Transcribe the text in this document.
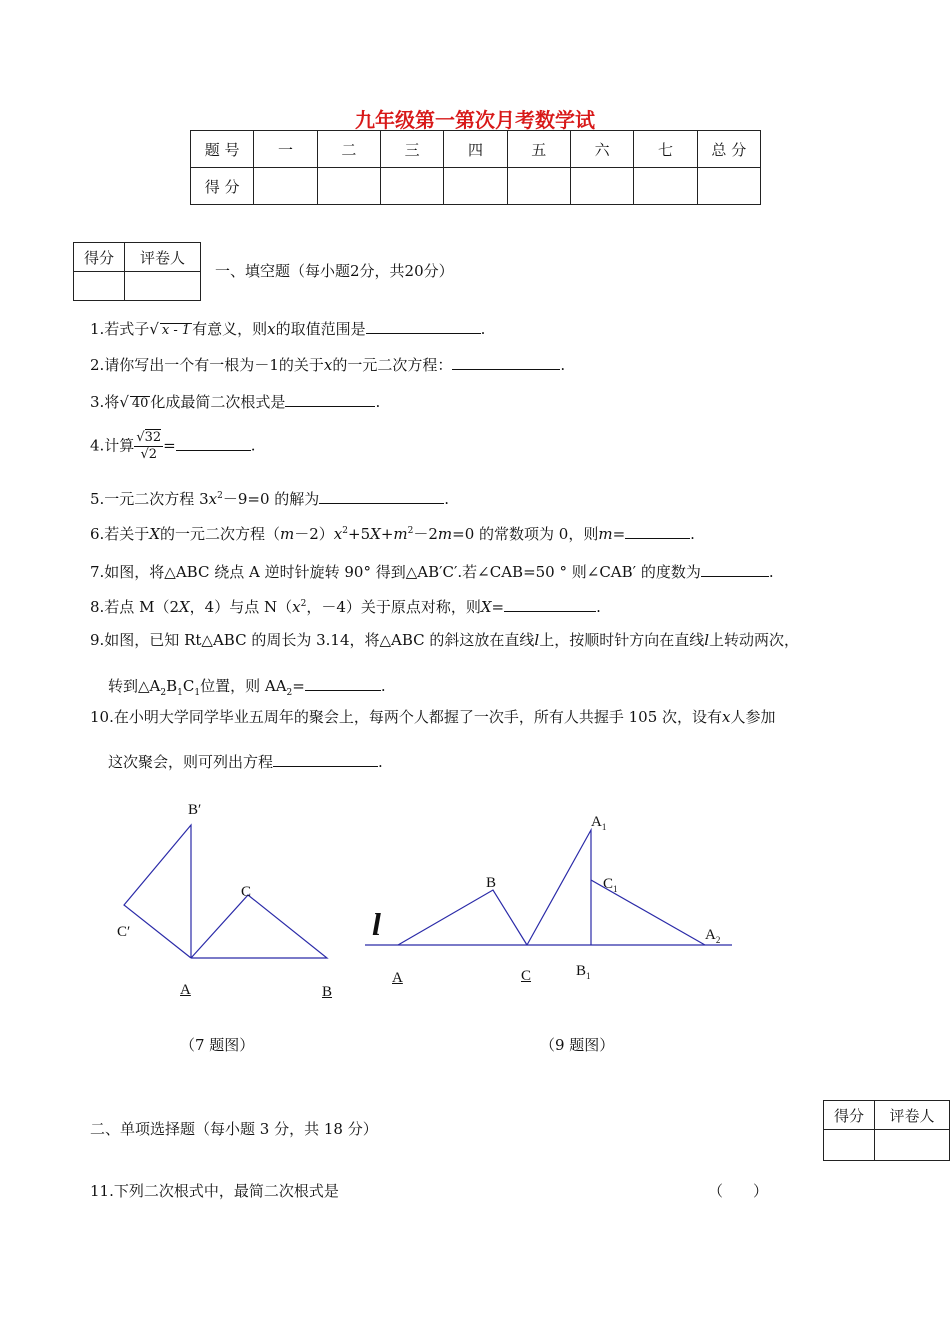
九年级第一第次月考数学试
题 号	一	二	三	四	五	六	七	总 分
得 分								
得分	评卷人

一、填空题（每小题2分，共20分）
1.若式子√ x - 1 有意义，则x的取值范围是	.
2.请你写出一个有一根为－1的关于x的一元二次方程：	.
3.将√ 40 化成最简二次根式是	.
4.计算 $\frac{√32}{√2}$ =	.
5.一元二次方程 $3x^2-9=0$ 的解为	.
6.若关于X的一元二次方程$(m-2)x^2+5X+m^2-2m=0$ 的常数项为 0，则m=	.
7.如图，将△ABC 绕点 A 逆时针旋转 90° 得到△AB′C′.若∠CAB=50 ° 则∠CAB′ 的度数为	.
8.若点 M（2X，4）与点 $N(x^2$，－4）关于原点对称，则X=	.
9.如图，已知 Rt△ABC 的周长为 3.14，将△ABC 的斜这放在直线l上，按顺时针方向在直线l上转动两次，
转到$\triangle A_2B_1C_1$位置，则 $AA_2=$	.
10.在小明大学同学毕业五周年的聚会上，每两个人都握了一次手，所有人共握手 105 次，设有x人参加
这次聚会，则可列出方程	.
B′
C
C′
A	B
（7 题图）
l
A
B
C
$A_1$
$C_1$
$B_1$
$A_2$
（9 题图）
二、单项选择题（每小题 3 分，共 18 分）
得分	评卷人

11.下列二次根式中，最简二次根式是	（　　）
